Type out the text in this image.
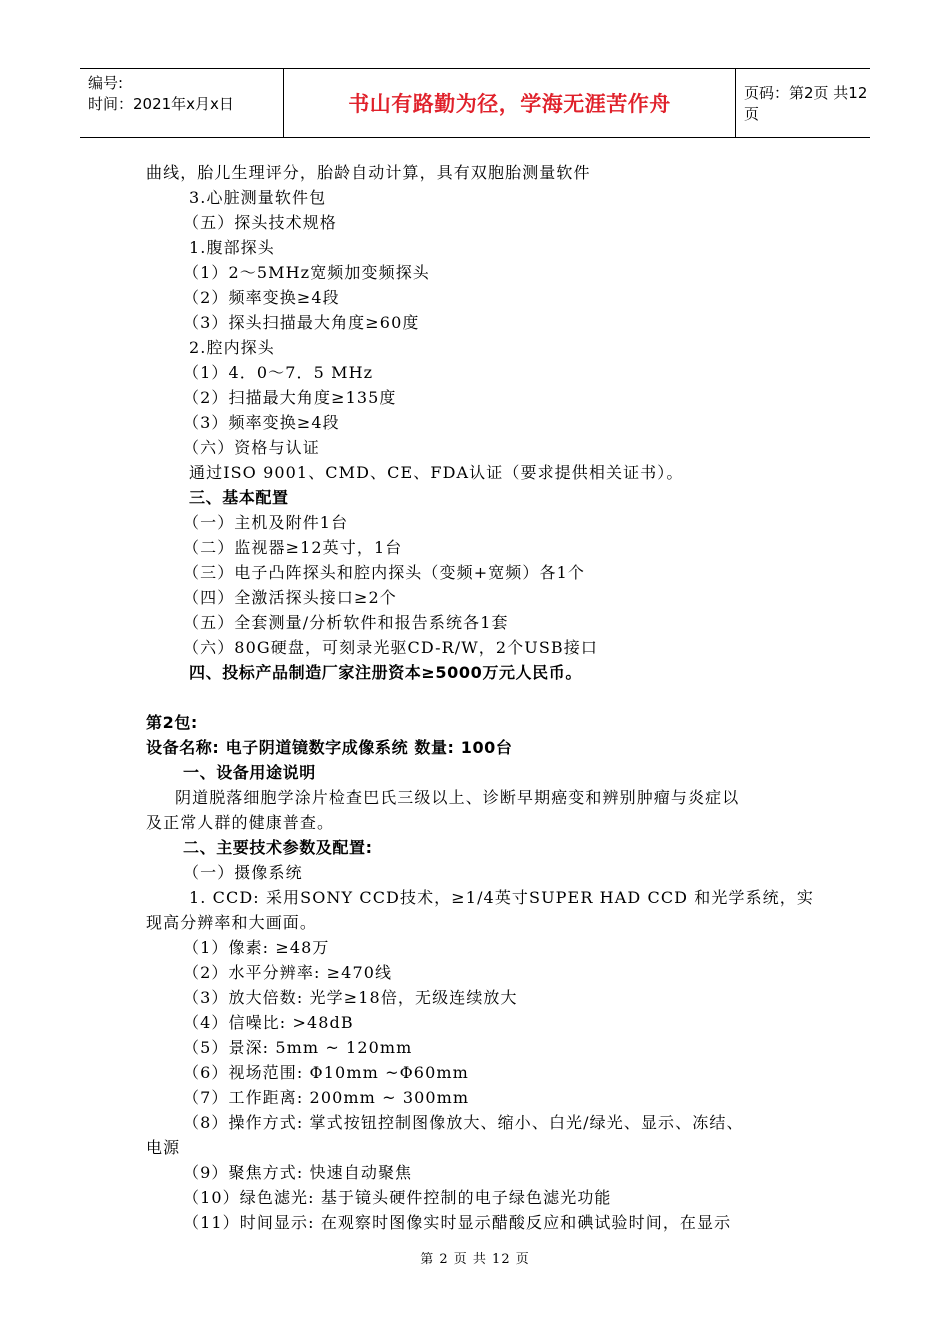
编号:
时间：2021年x月x日	书山有路勤为径，学海无涯苦作舟	页码：第2页 共12页
曲线，胎儿生理评分，胎龄自动计算，具有双胞胎测量软件
3.心脏测量软件包
（五）探头技术规格
1.腹部探头
（1）2～5MHz宽频加变频探头
（2）频率变换≥4段
（3）探头扫描最大角度≥60度
2.腔内探头
（1）4．0～7．5 MHz
（2）扫描最大角度≥135度
（3）频率变换≥4段
（六）资格与认证
通过ISO 9001、CMD、CE、FDA认证（要求提供相关证书）。
三、基本配置
（一）主机及附件1台
（二）监视器≥12英寸，1台
（三）电子凸阵探头和腔内探头（变频+宽频）各1个
（四）全激活探头接口≥2个
（五）全套测量/分析软件和报告系统各1套
（六）80G硬盘，可刻录光驱CD-R/W，2个USB接口
四、投标产品制造厂家注册资本≥5000万元人民币。
第2包:
设备名称: 电子阴道镜数字成像系统 数量: 100台
一、设备用途说明
阴道脱落细胞学涂片检查巴氏三级以上、诊断早期癌变和辨别肿瘤与炎症以
及正常人群的健康普查。
二、主要技术参数及配置:
（一）摄像系统
1. CCD: 采用SONY CCD技术，≥1/4英寸SUPER HAD CCD 和光学系统，实
现高分辨率和大画面。
（1）像素: ≥48万
（2）水平分辨率: ≥470线
（3）放大倍数: 光学≥18倍，无级连续放大
（4）信噪比: >48dB
（5）景深: 5mm ~ 120mm
（6）视场范围: Φ10mm ~Φ60mm
（7）工作距离: 200mm ~ 300mm
（8）操作方式: 掌式按钮控制图像放大、缩小、白光/绿光、显示、冻结、
电源
（9）聚焦方式: 快速自动聚焦
（10）绿色滤光: 基于镜头硬件控制的电子绿色滤光功能
（11）时间显示: 在观察时图像实时显示醋酸反应和碘试验时间，在显示
第 2 页 共 12 页
